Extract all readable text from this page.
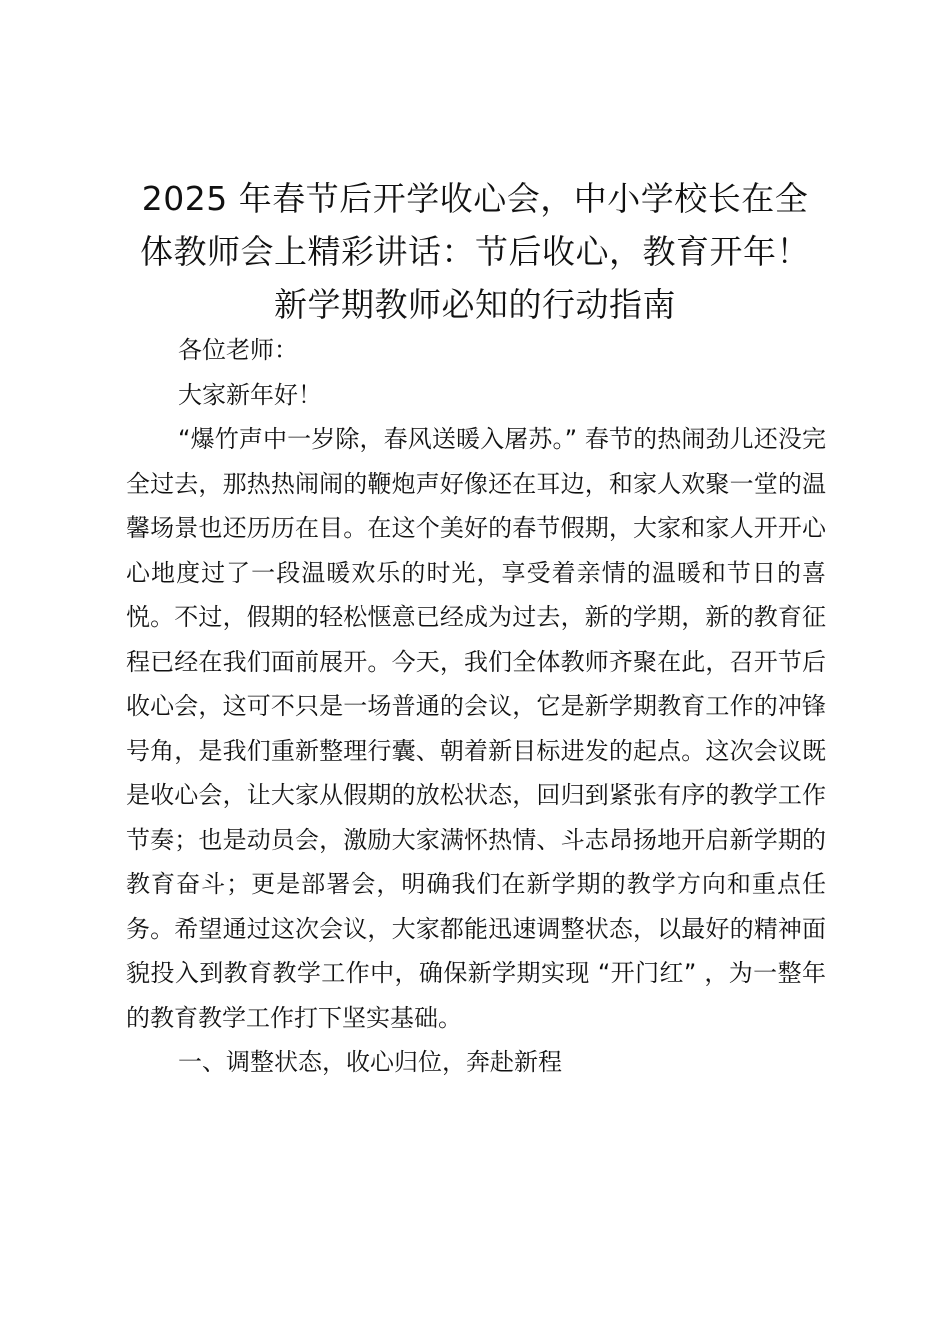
2025 年春节后开学收心会，中小学校长在全
体教师会上精彩讲话：节后收心，教育开年！
新学期教师必知的行动指南

各位老师：

大家新年好！

“爆竹声中一岁除，春风送暖入屠苏。” 春节的热闹劲儿还没完全过去，那热热闹闹的鞭炮声好像还在耳边，和家人欢聚一堂的温馨场景也还历历在目。在这个美好的春节假期，大家和家人开开心心地度过了一段温暖欢乐的时光，享受着亲情的温暖和节日的喜悦。不过，假期的轻松惬意已经成为过去，新的学期，新的教育征程已经在我们面前展开。今天，我们全体教师齐聚在此，召开节后收心会，这可不只是一场普通的会议，它是新学期教育工作的冲锋号角，是我们重新整理行囊、朝着新目标进发的起点。这次会议既是收心会，让大家从假期的放松状态，回归到紧张有序的教学工作节奏；也是动员会，激励大家满怀热情、斗志昂扬地开启新学期的教育奋斗；更是部署会，明确我们在新学期的教学方向和重点任务。希望通过这次会议，大家都能迅速调整状态，以最好的精神面貌投入到教育教学工作中，确保新学期实现 “开门红” ，为一整年的教育教学工作打下坚实基础。

一、调整状态，收心归位，奔赴新程
